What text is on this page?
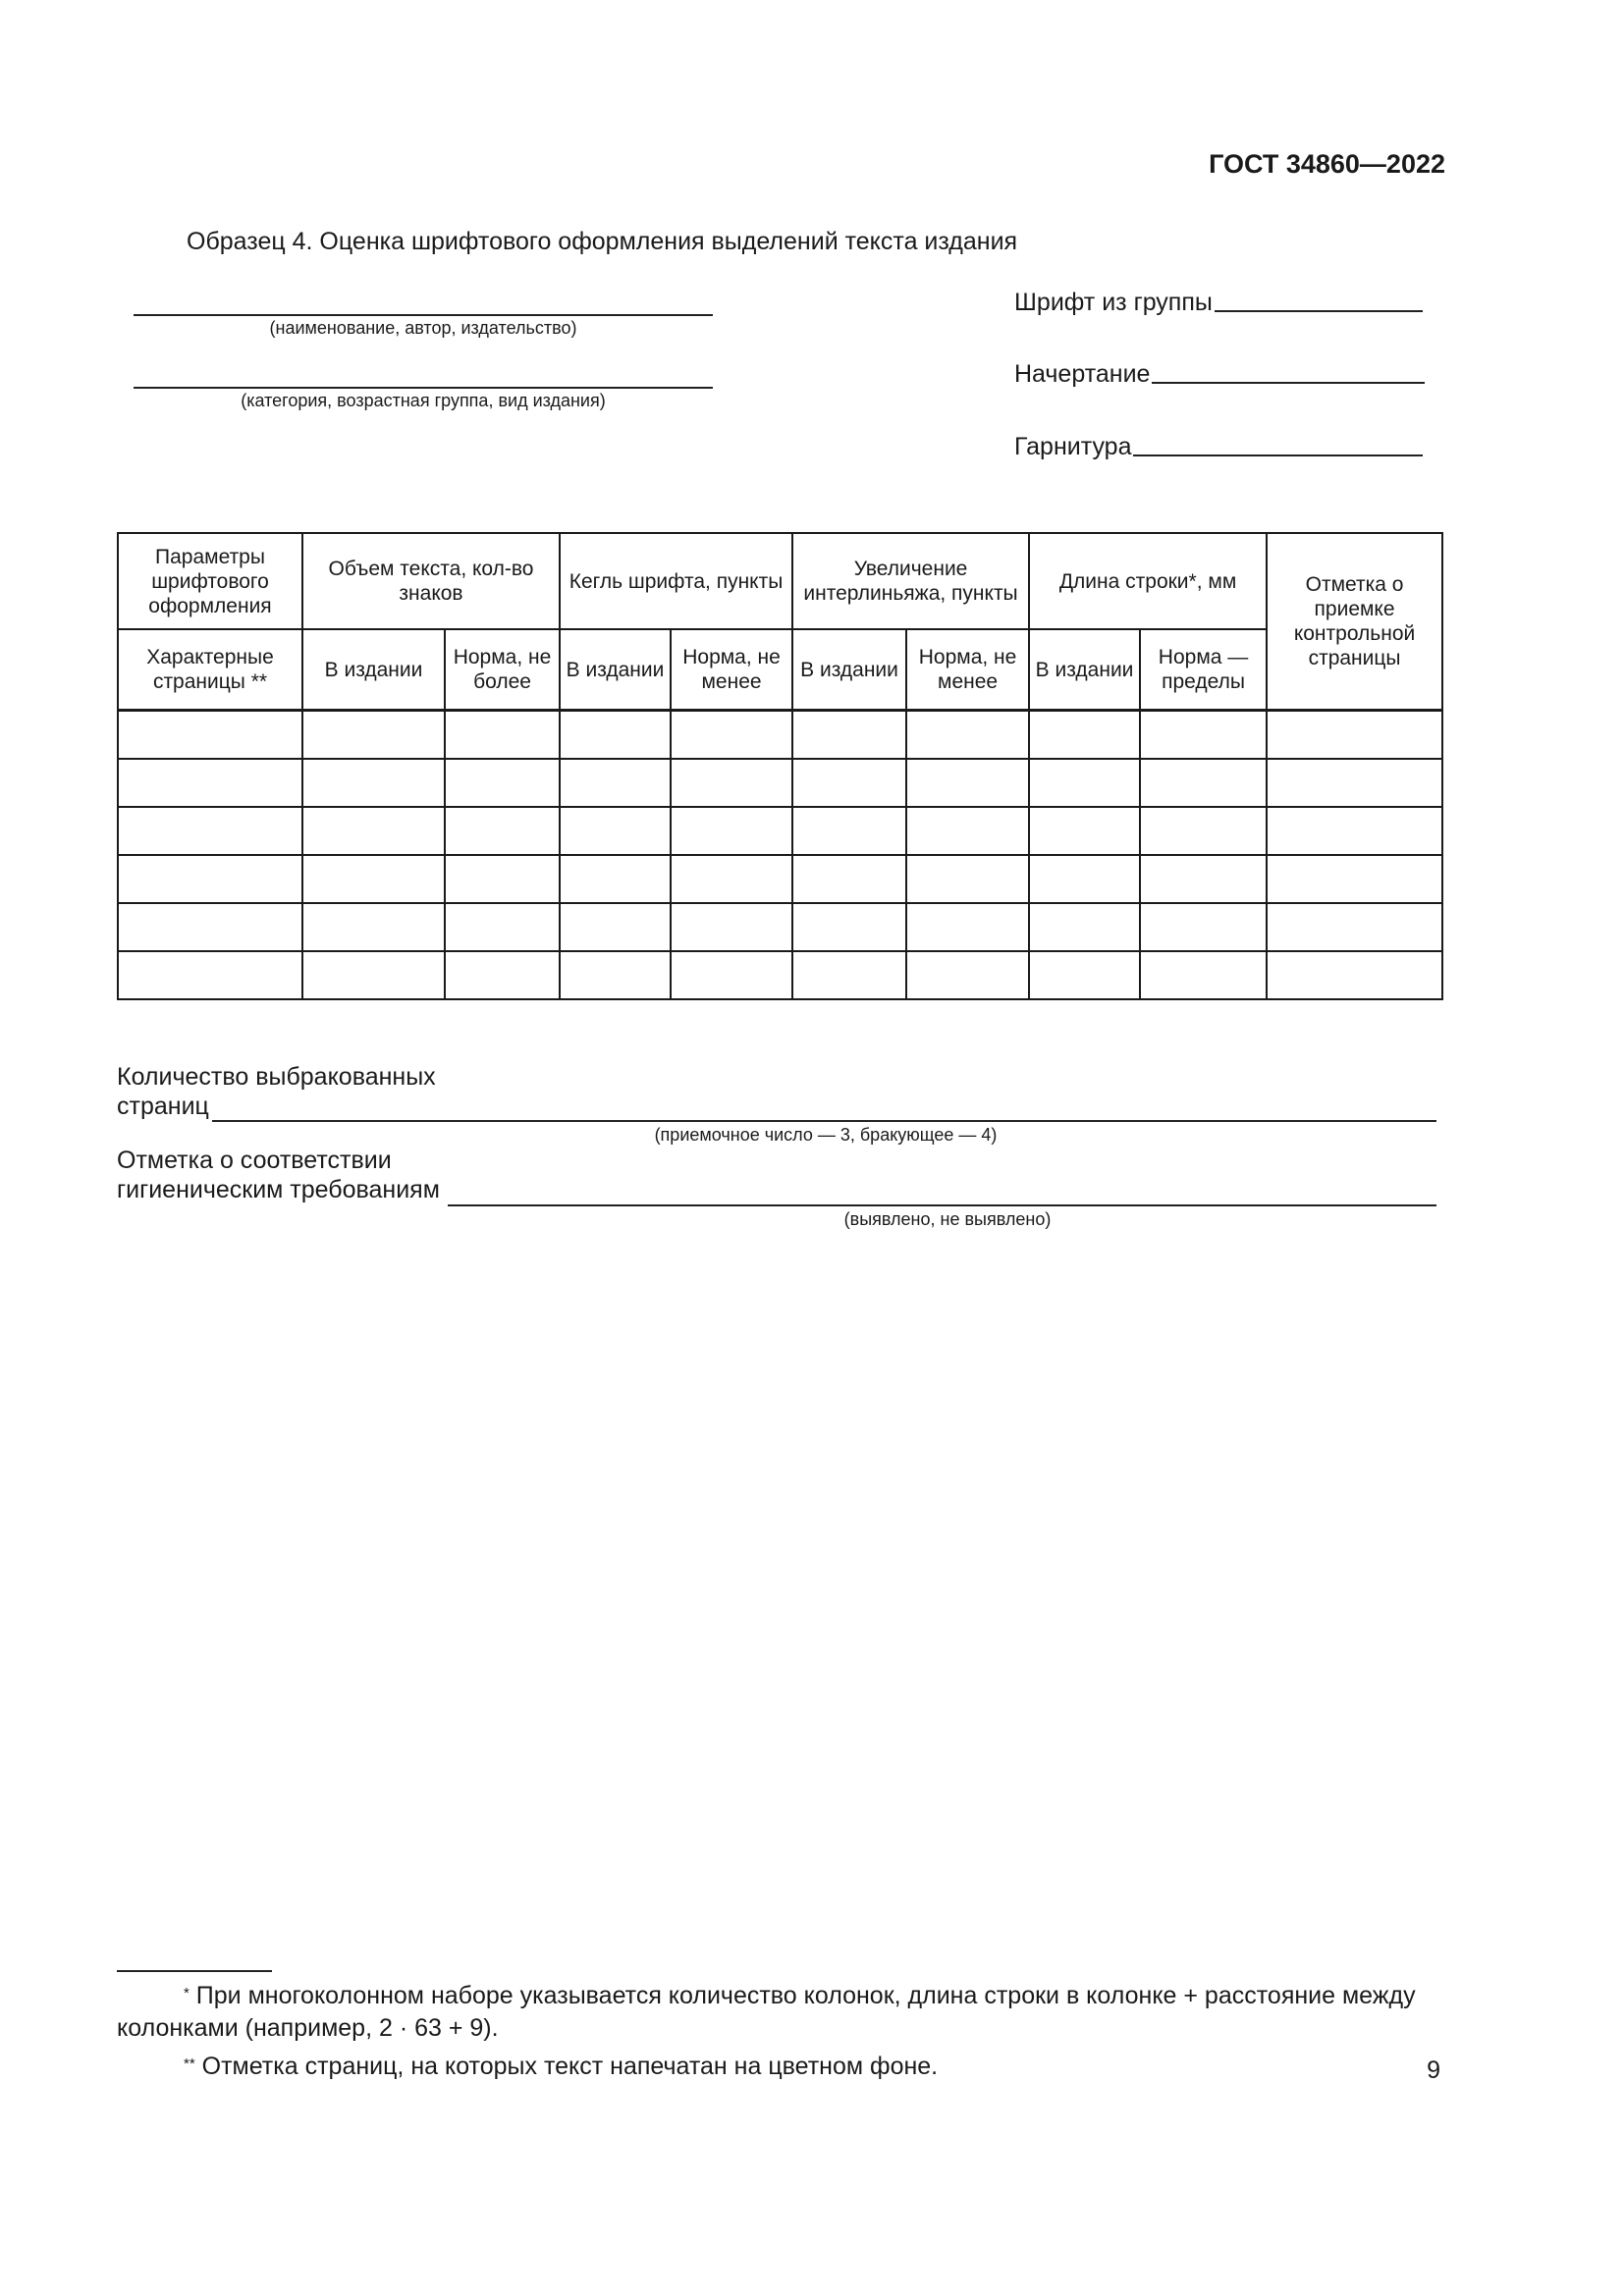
ГОСТ 34860—2022
Образец 4. Оценка шрифтового оформления выделений текста издания
(наименование, автор, издательство)
(категория, возрастная группа, вид издания)
Шрифт из группы
Начертание
Гарнитура
Параметры шрифтового оформления	Объем текста, кол-во знаков		Кегль шрифта, пункты		Увеличение интерлиньяжа, пункты		Длина строки*, мм		Отметка о приемке контрольной страницы
Характерные страницы **	В издании	Норма, не более	В издании	Норма, не менее	В издании	Норма, не менее	В издании	Норма — пределы	

Количество выбракованных
страниц
(приемочное число — 3, бракующее — 4)
Отметка о соответствии
гигиеническим требованиям
(выявлено, не выявлено)
* При многоколонном наборе указывается количество колонок, длина строки в колонке + расстояние между колонками (например, 2 · 63 + 9).
** Отметка страниц, на которых текст напечатан на цветном фоне.	9
